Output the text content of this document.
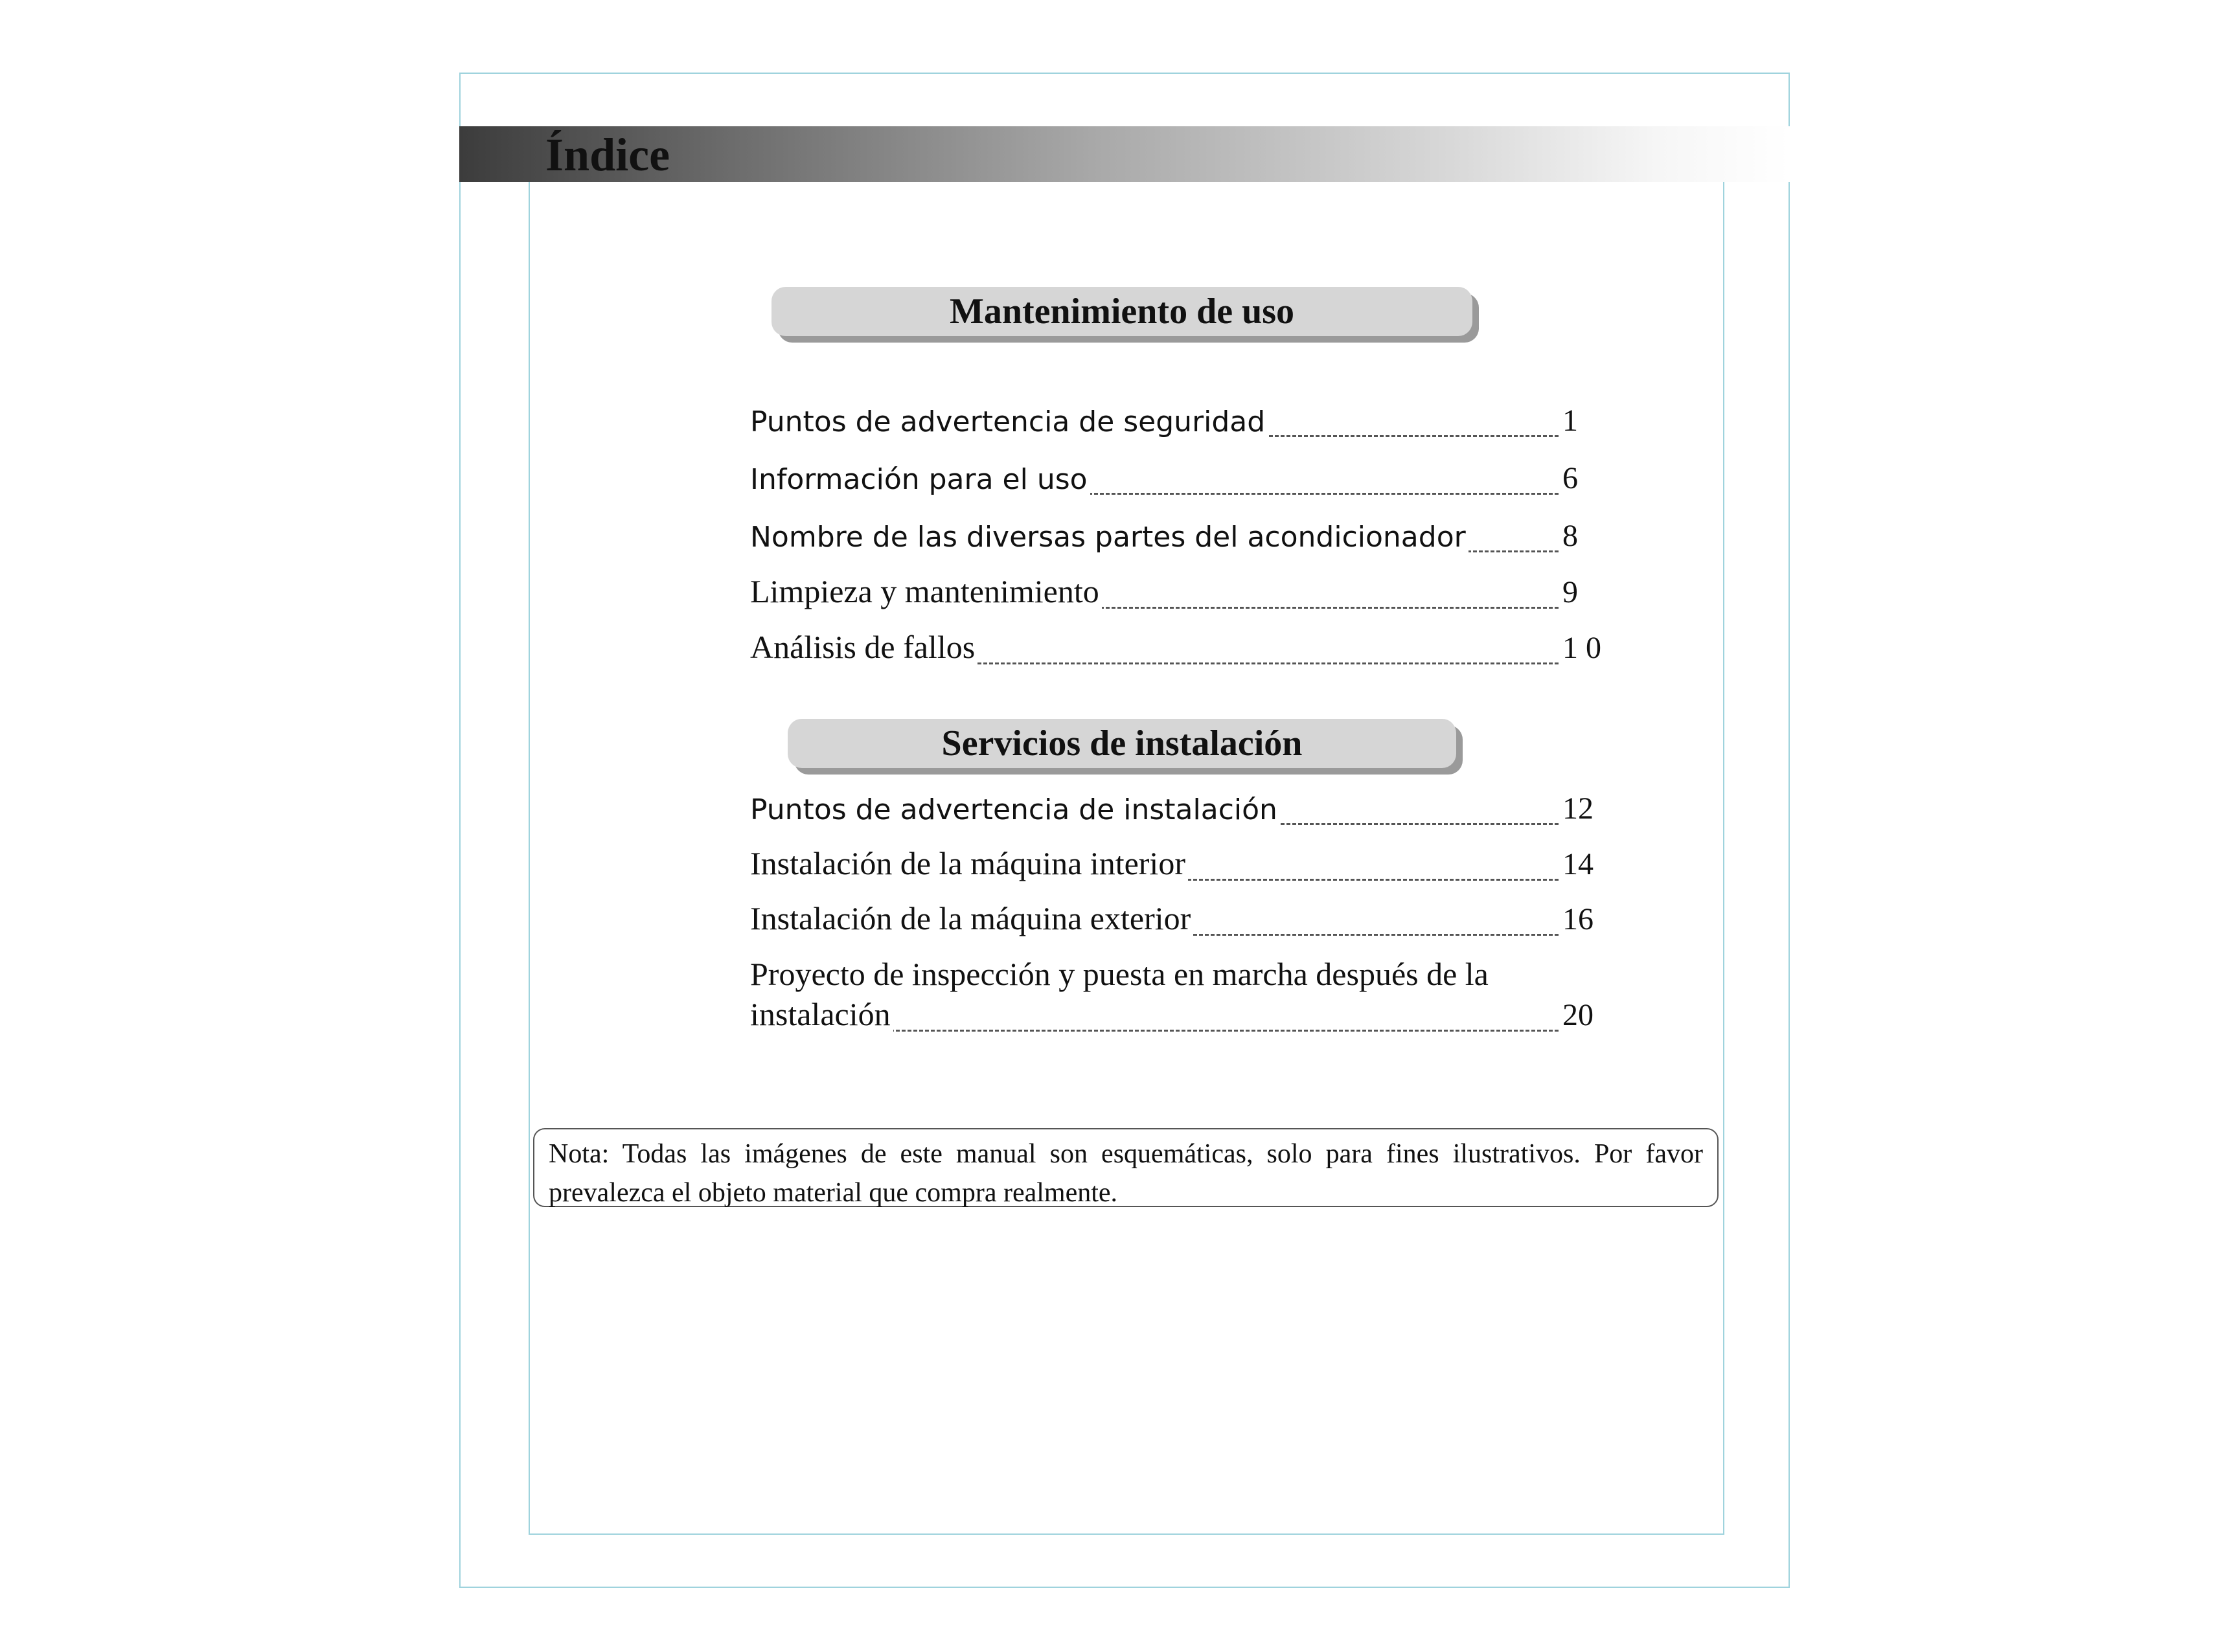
Índice
Mantenimiento de uso
Puntos de advertencia de seguridad	1
Información para el uso	6
Nombre de las diversas partes del acondicionador	8
Limpieza y mantenimiento	9
Análisis de fallos	1 0
Servicios de instalación
Puntos de advertencia de instalación	12
Instalación de la máquina interior	14
Instalación de la máquina exterior	16
Proyecto de inspección y puesta en marcha después de la
instalación	20
Nota: Todas las imágenes de este manual son esquemáticas, solo para fines ilustrativos. Por favor prevalezca el objeto material que compra realmente.
